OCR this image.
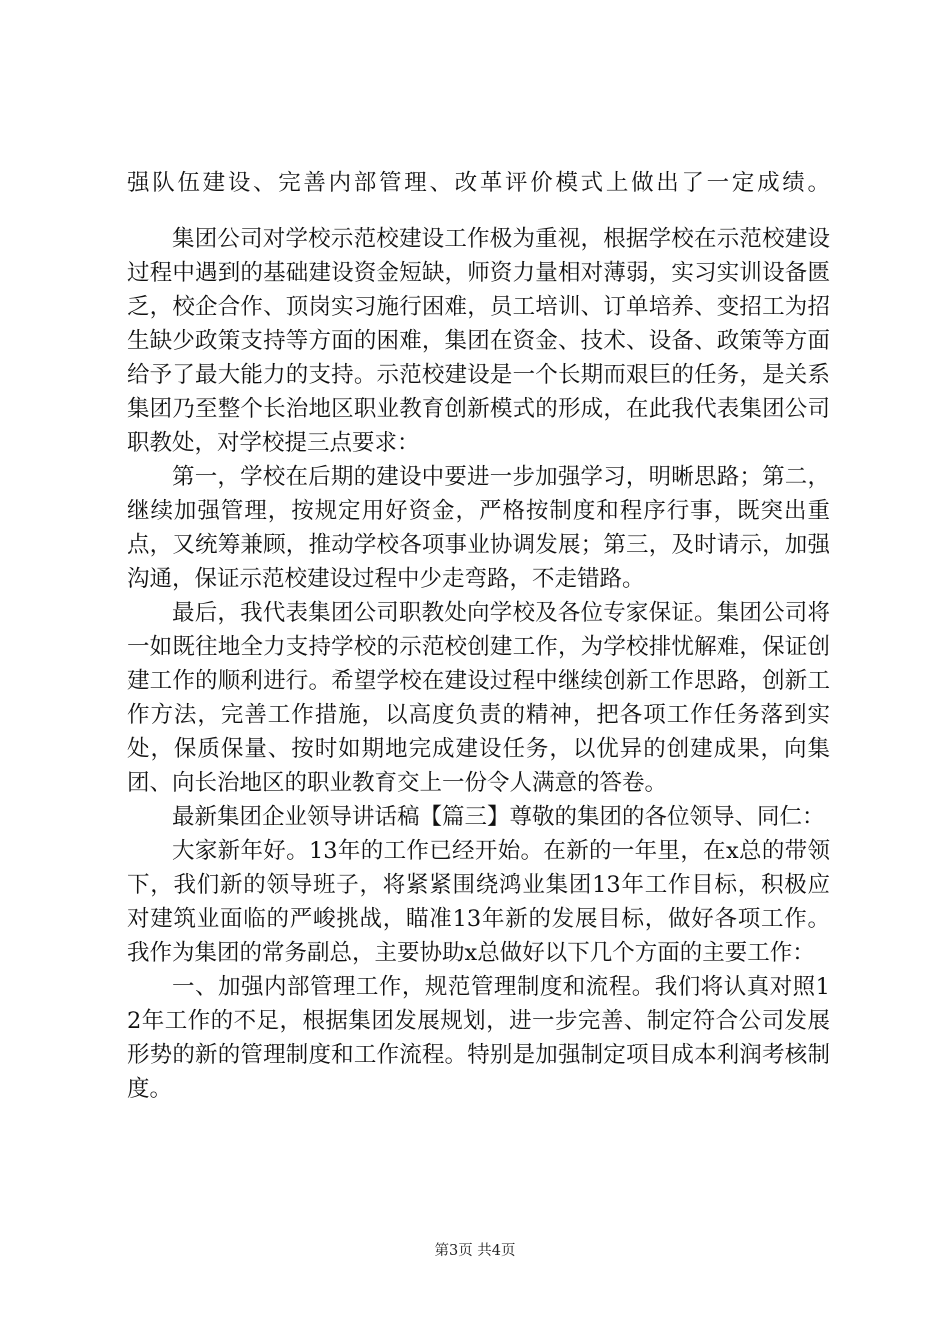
强队伍建设、完善内部管理、改革评价模式上做出了一定成绩。

集团公司对学校示范校建设工作极为重视，根据学校在示范校建设过程中遇到的基础建设资金短缺，师资力量相对薄弱，实习实训设备匮乏，校企合作、顶岗实习施行困难，员工培训、订单培养、变招工为招生缺少政策支持等方面的困难，集团在资金、技术、设备、政策等方面给予了最大能力的支持。示范校建设是一个长期而艰巨的任务，是关系集团乃至整个长治地区职业教育创新模式的形成，在此我代表集团公司职教处，对学校提三点要求：

第一，学校在后期的建设中要进一步加强学习，明晰思路；第二，继续加强管理，按规定用好资金，严格按制度和程序行事，既突出重点，又统筹兼顾，推动学校各项事业协调发展；第三，及时请示，加强沟通，保证示范校建设过程中少走弯路，不走错路。

最后，我代表集团公司职教处向学校及各位专家保证。集团公司将一如既往地全力支持学校的示范校创建工作，为学校排忧解难，保证创建工作的顺利进行。希望学校在建设过程中继续创新工作思路，创新工作方法，完善工作措施，以高度负责的精神，把各项工作任务落到实处，保质保量、按时如期地完成建设任务，以优异的创建成果，向集团、向长治地区的职业教育交上一份令人满意的答卷。

最新集团企业领导讲话稿【篇三】尊敬的集团的各位领导、同仁：

大家新年好。13年的工作已经开始。在新的一年里，在x总的带领下，我们新的领导班子，将紧紧围绕鸿业集团13年工作目标，积极应对建筑业面临的严峻挑战，瞄准13年新的发展目标，做好各项工作。我作为集团的常务副总，主要协助x总做好以下几个方面的主要工作：

一、加强内部管理工作，规范管理制度和流程。我们将认真对照12年工作的不足，根据集团发展规划，进一步完善、制定符合公司发展形势的新的管理制度和工作流程。特别是加强制定项目成本利润考核制度。

第3页 共4页
